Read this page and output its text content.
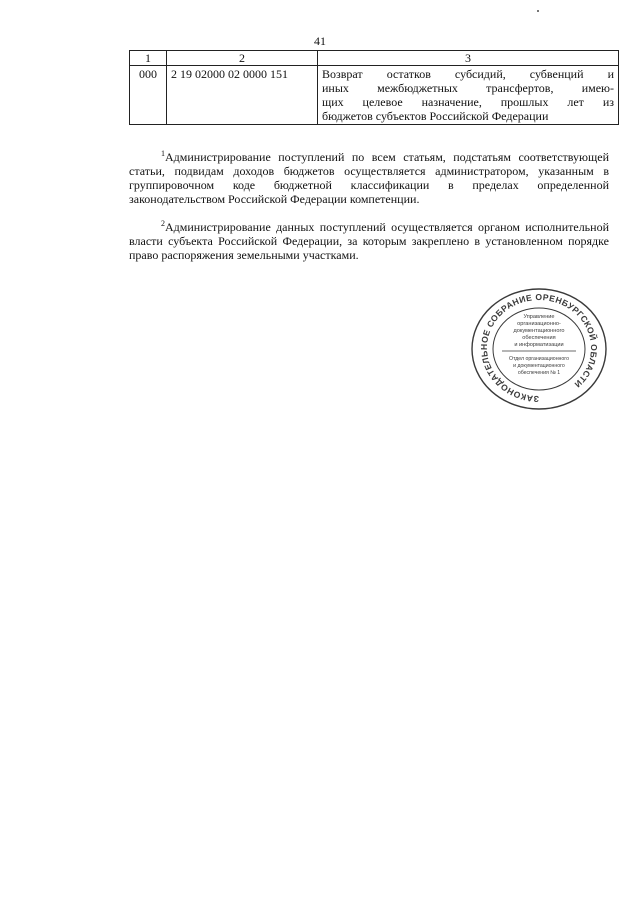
41
1	2	3
000	2 19 02000 02 0000 151	Возврат остатков субсидий, субвенций и
иных межбюджетных трансфертов, имею-
щих целевое назначение, прошлых лет из
бюджетов субъектов Российской Федерации

$^1$Администрирование поступлений по всем статьям, подстатьям соответствующей статьи, подвидам доходов бюджетов осуществляется администратором, указанным в группировочном коде бюджетной классификации в пределах определенной законодательством Российской Федерации компетенции.

$^2$Администрирование данных поступлений осуществляется органом исполнительной власти субъекта Российской Федерации, за которым закреплено в установленном порядке право распоряжения земельными участками.

ЗАКОНОДАТЕЛЬНОЕ СОБРАНИЕ ОРЕНБУРГСКОЙ ОБЛАСТИ
Управление
организационно-
документационного
обеспечения
и информатизации
Отдел организационного
и документационного
обеспечения № 1
